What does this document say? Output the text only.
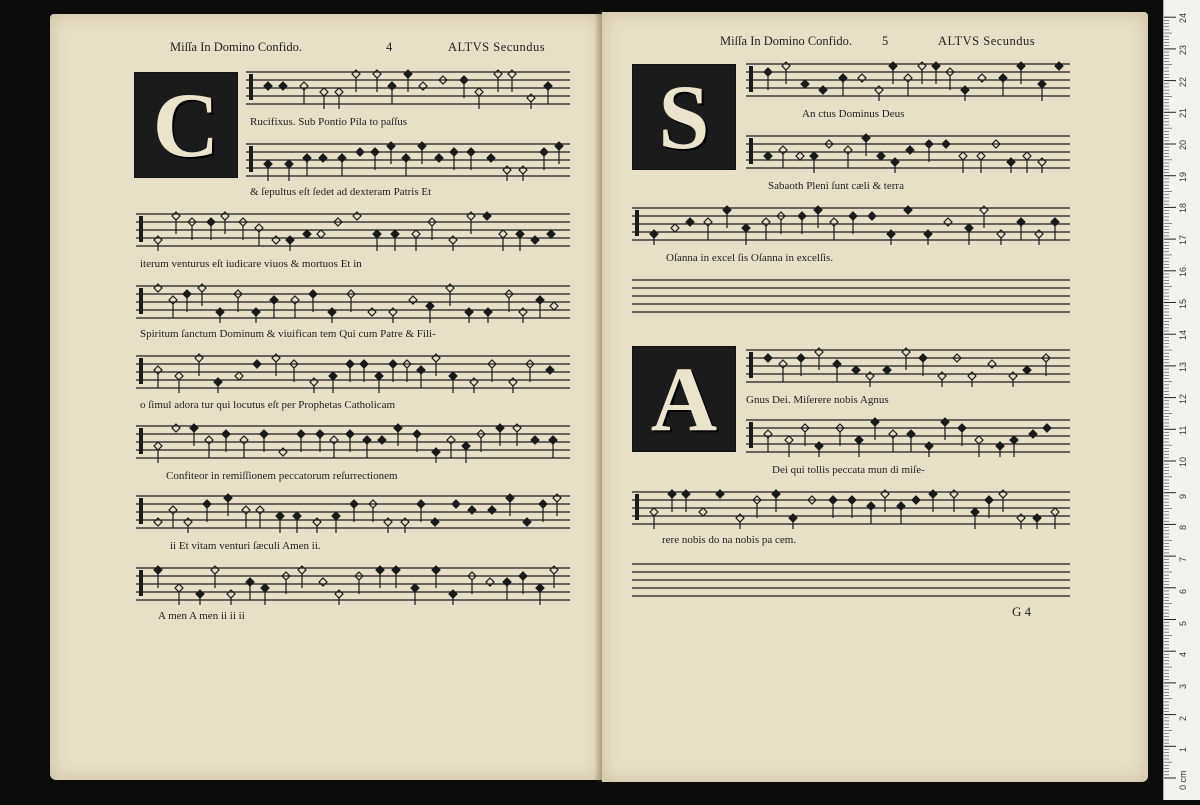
Miſſa In Domino Confido.	4	ALTVS Secundus
C	Rucifixus. Sub Pontio Pila to paſſus
& ſepultus eſt ſedet ad dexteram Patris Et
iterum venturus eſt iudicare viuos & mortuos Et in
Spiritum ſanctum Dominum & viuifican tem Qui cum Patre & Fili-
o ſimul adora tur qui locutus eſt per Prophetas Catholicam
Confiteor in remiſſionem peccatorum reſurrectionem
ii Et vitam venturi ſæculi Amen ii.
A men A men ii ii ii
Miſſa In Domino Confido. 5	ALTVS Secundus
S
A
An ctus Dominus Deus
Sabaoth Pleni ſunt cæli & terra
Oſanna in excel ſis Oſanna in excelſis.
Gnus Dei. Miſerere nobis Agnus
Dei qui tollis peccata mun di miſe-
rere nobis do na nobis pa cem.
G 4
0 cm
1
2
3
4
5
6
7
8
9
10
11
12
13
14
15
16
17
18
19
20
21
22
23
24
